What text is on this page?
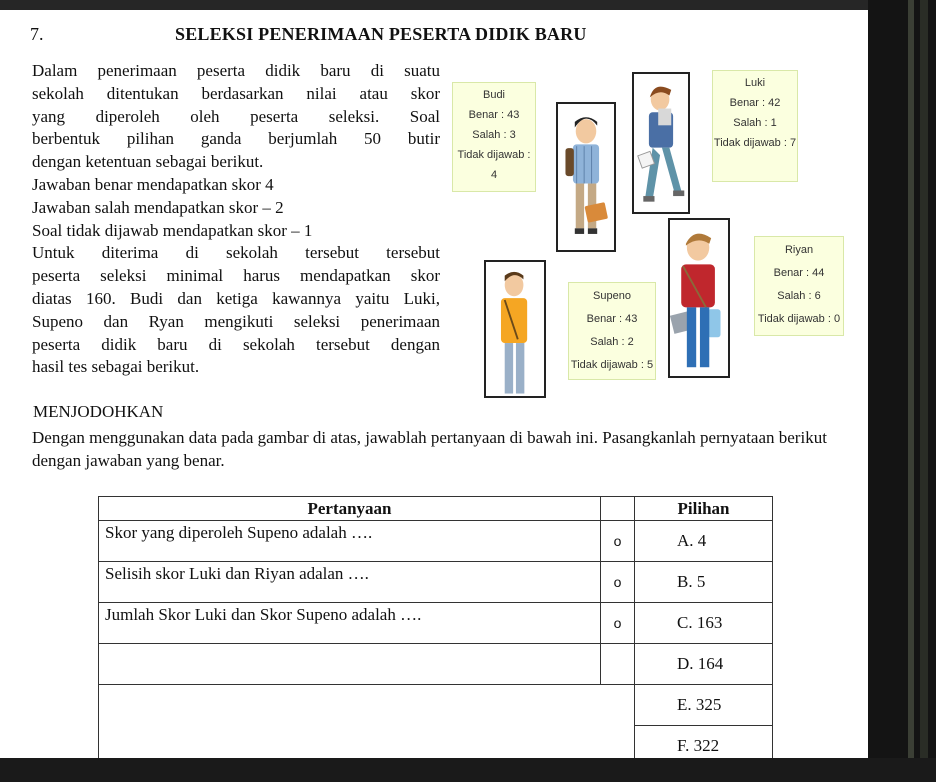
7.	SELEKSI PENERIMAAN PESERTA DIDIK BARU
Dalam penerimaan peserta didik baru di suatu
sekolah ditentukan berdasarkan nilai atau skor
yang diperoleh oleh peserta seleksi. Soal
berbentuk pilihan ganda berjumlah 50 butir
dengan ketentuan sebagai berikut.
Jawaban benar mendapatkan skor 4
Jawaban salah mendapatkan skor – 2
Soal tidak dijawab mendapatkan skor – 1
Untuk diterima di sekolah tersebut tersebut
peserta seleksi minimal harus mendapatkan skor
diatas 160. Budi dan ketiga kawannya yaitu Luki,
Supeno dan Ryan mengikuti seleksi penerimaan
peserta didik baru di sekolah tersebut dengan
hasil tes sebagai berikut.
Budi
Benar : 43
Salah : 3
Tidak dijawab : 4
Luki
Benar : 42
Salah : 1
Tidak dijawab : 7
Supeno
Benar : 43
Salah : 2
Tidak dijawab : 5
Riyan
Benar : 44
Salah : 6
Tidak dijawab : 0
MENJODOHKAN
Dengan menggunakan data pada gambar di atas, jawablah pertanyaan di bawah ini. Pasangkanlah pernyataan berikut dengan jawaban yang benar.
Pertanyaan		Pilihan
Skor yang diperoleh Supeno adalah ….	o	A. 4
Selisih skor Luki dan Riyan adalan ….	o	B. 5
Jumlah Skor Luki dan Skor Supeno adalah ….	o	C. 163
		D. 164
		E. 325
		F. 322
